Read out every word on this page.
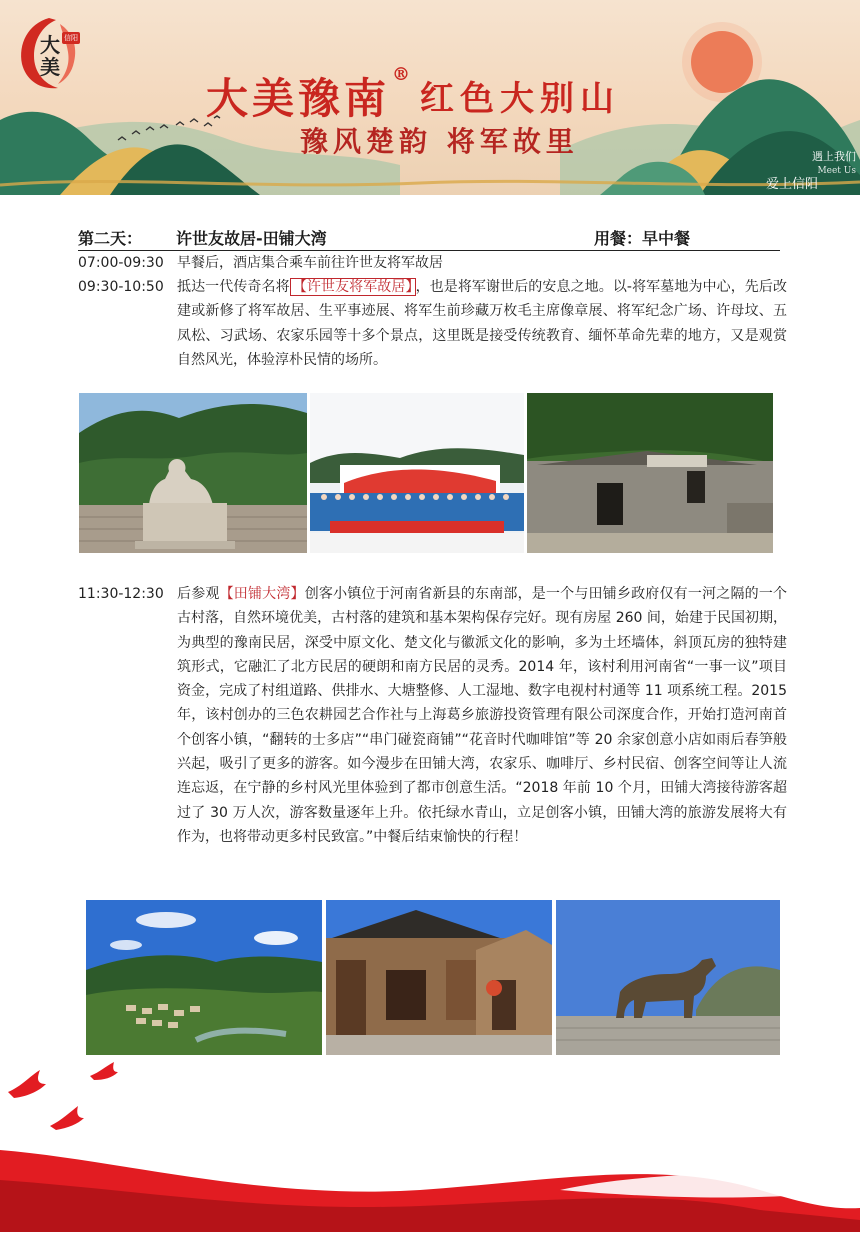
大美
信阳
大美豫南 ®
红色大别山
豫风楚韵 将军故里	遇上我们
Meet Us
爱上信阳
第二天： 许世友故居-田铺大湾	用餐：早中餐
07:00-09:30 早餐后，酒店集合乘车前往许世友将军故居
09:30-10:50 抵达一代传奇名将 【许世友将军故居】 ，也是将军谢世后的安息之地。以-将军墓地为中心，先后改建或新修了将军故居、生平事迹展、将军生前珍藏万枚毛主席像章展、将军纪念广场、许母坟、五凤松、习武场、农家乐园等十多个景点，这里既是接受传统教育、缅怀革命先辈的地方，又是观赏自然风光，体验淳朴民情的场所。
11:30-12:30 后参观【田铺大湾】创客小镇位于河南省新县的东南部，是一个与田铺乡政府仅有一河之隔的一个古村落，自然环境优美，古村落的建筑和基本架构保存完好。现有房屋 260 间，始建于民国初期，为典型的豫南民居，深受中原文化、楚文化与徽派文化的影响，多为土坯墙体，斜顶瓦房的独特建筑形式，它融汇了北方民居的硬朗和南方民居的灵秀。2014 年，该村利用河南省“一事一议”项目资金，完成了村组道路、供排水、大塘整修、人工湿地、数字电视村村通等 11 项系统工程。2015 年，该村创办的三色农耕园艺合作社与上海葛乡旅游投资管理有限公司深度合作，开始打造河南首个创客小镇，“翻转的士多店”“串门碰瓷商铺”“花音时代咖啡馆”等 20 余家创意小店如雨后春笋般兴起，吸引了更多的游客。如今漫步在田铺大湾，农家乐、咖啡厅、乡村民宿、创客空间等让人流连忘返，在宁静的乡村风光里体验到了都市创意生活。“2018 年前 10 个月，田铺大湾接待游客超过了 30 万人次，游客数量逐年上升。依托绿水青山，立足创客小镇，田铺大湾的旅游发展将大有作为，也将带动更多村民致富。”中餐后结束愉快的行程！
